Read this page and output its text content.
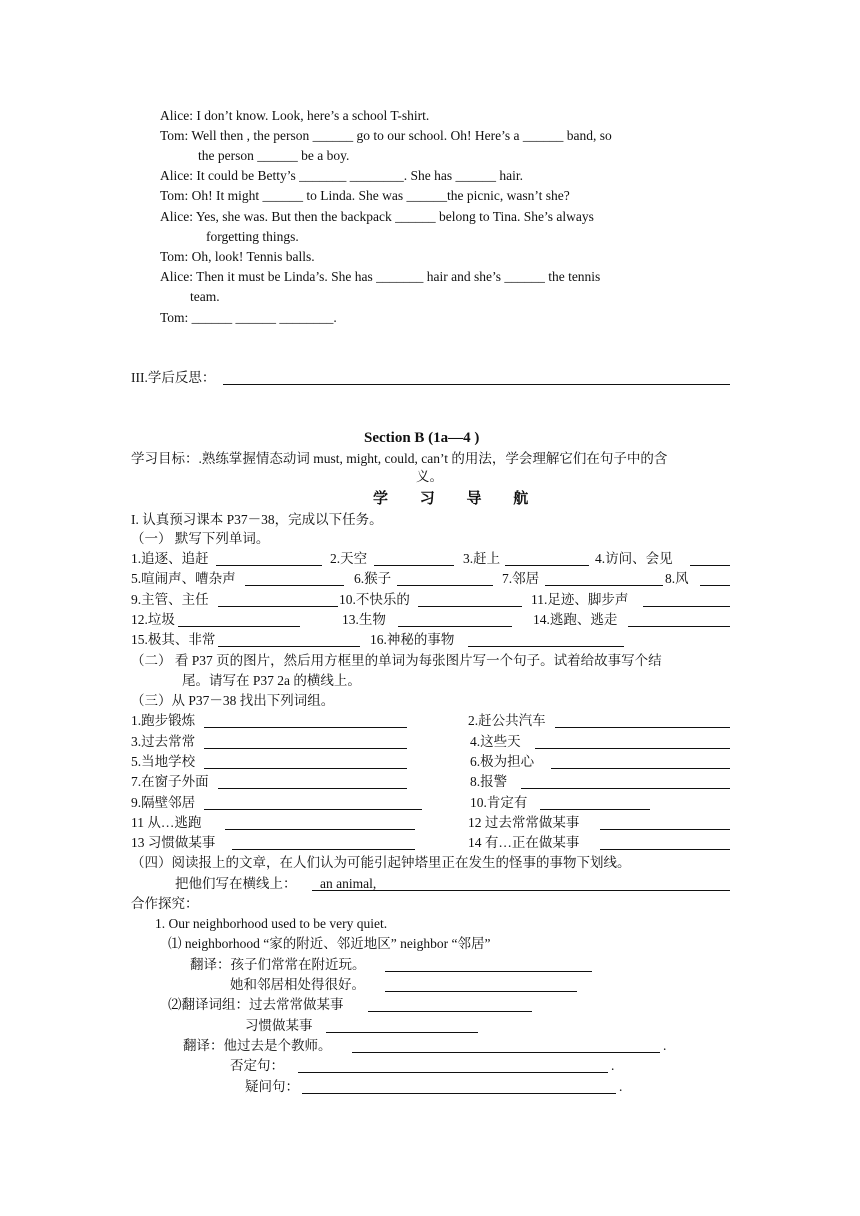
Alice: I don’t know. Look, here’s a school T-shirt.
Tom: Well then , the person ______ go to our school. Oh! Here’s a ______ band, so
the person ______ be a boy.
Alice: It could be Betty’s _______ ________. She has ______ hair.
Tom: Oh! It might ______ to Linda. She was ______the picnic, wasn’t she?
Alice: Yes, she was. But then the backpack ______ belong to Tina. She’s always
forgetting things.
Tom: Oh, look! Tennis balls.
Alice: Then it must be Linda’s. She has _______ hair and she’s ______ the tennis
team.
Tom: ______ ______ ________.
III.学后反思：
Section B (1a—4 )
学习目标：.熟练掌握情态动词 must, might, could, can’t 的用法，学会理解它们在句子中的含
义。
学 习 导 航
I. 认真预习课本 P37－38，完成以下任务。
（一） 默写下列单词。
1.追逐、追赶	2.天空	3.赶上	4.访问、会见
5.喧闹声、嘈杂声	6.猴子	7.邻居	8.风
9.主管、主任	10.不快乐的	11.足迹、脚步声
12.垃圾	13.生物	14.逃跑、逃走
15.极其、非常	16.神秘的事物
（二） 看 P37 页的图片，然后用方框里的单词为每张图片写一个句子。试着给故事写个结
尾。请写在 P37 2a 的横线上。
（三）从 P37－38 找出下列词组。
1.跑步锻炼	2.赶公共汽车
3.过去常常	4.这些天
5.当地学校	6.极为担心
7.在窗子外面	8.报警
9.隔壁邻居	10.肯定有
11 从…逃跑	12 过去常常做某事
13 习惯做某事	14 有…正在做某事
（四）阅读报上的文章，在人们认为可能引起钟塔里正在发生的怪事的事物下划线。
把他们写在横线上： an animal,
合作探究：
1. Our neighborhood used to be very quiet.
⑴ neighborhood “家的附近、邻近地区” neighbor “邻居”
翻译：孩子们常常在附近玩。
她和邻居相处得很好。
⑵翻译词组：过去常常做某事
习惯做某事
翻译：他过去是个教师。	.
否定句：	.
疑问句：	.
